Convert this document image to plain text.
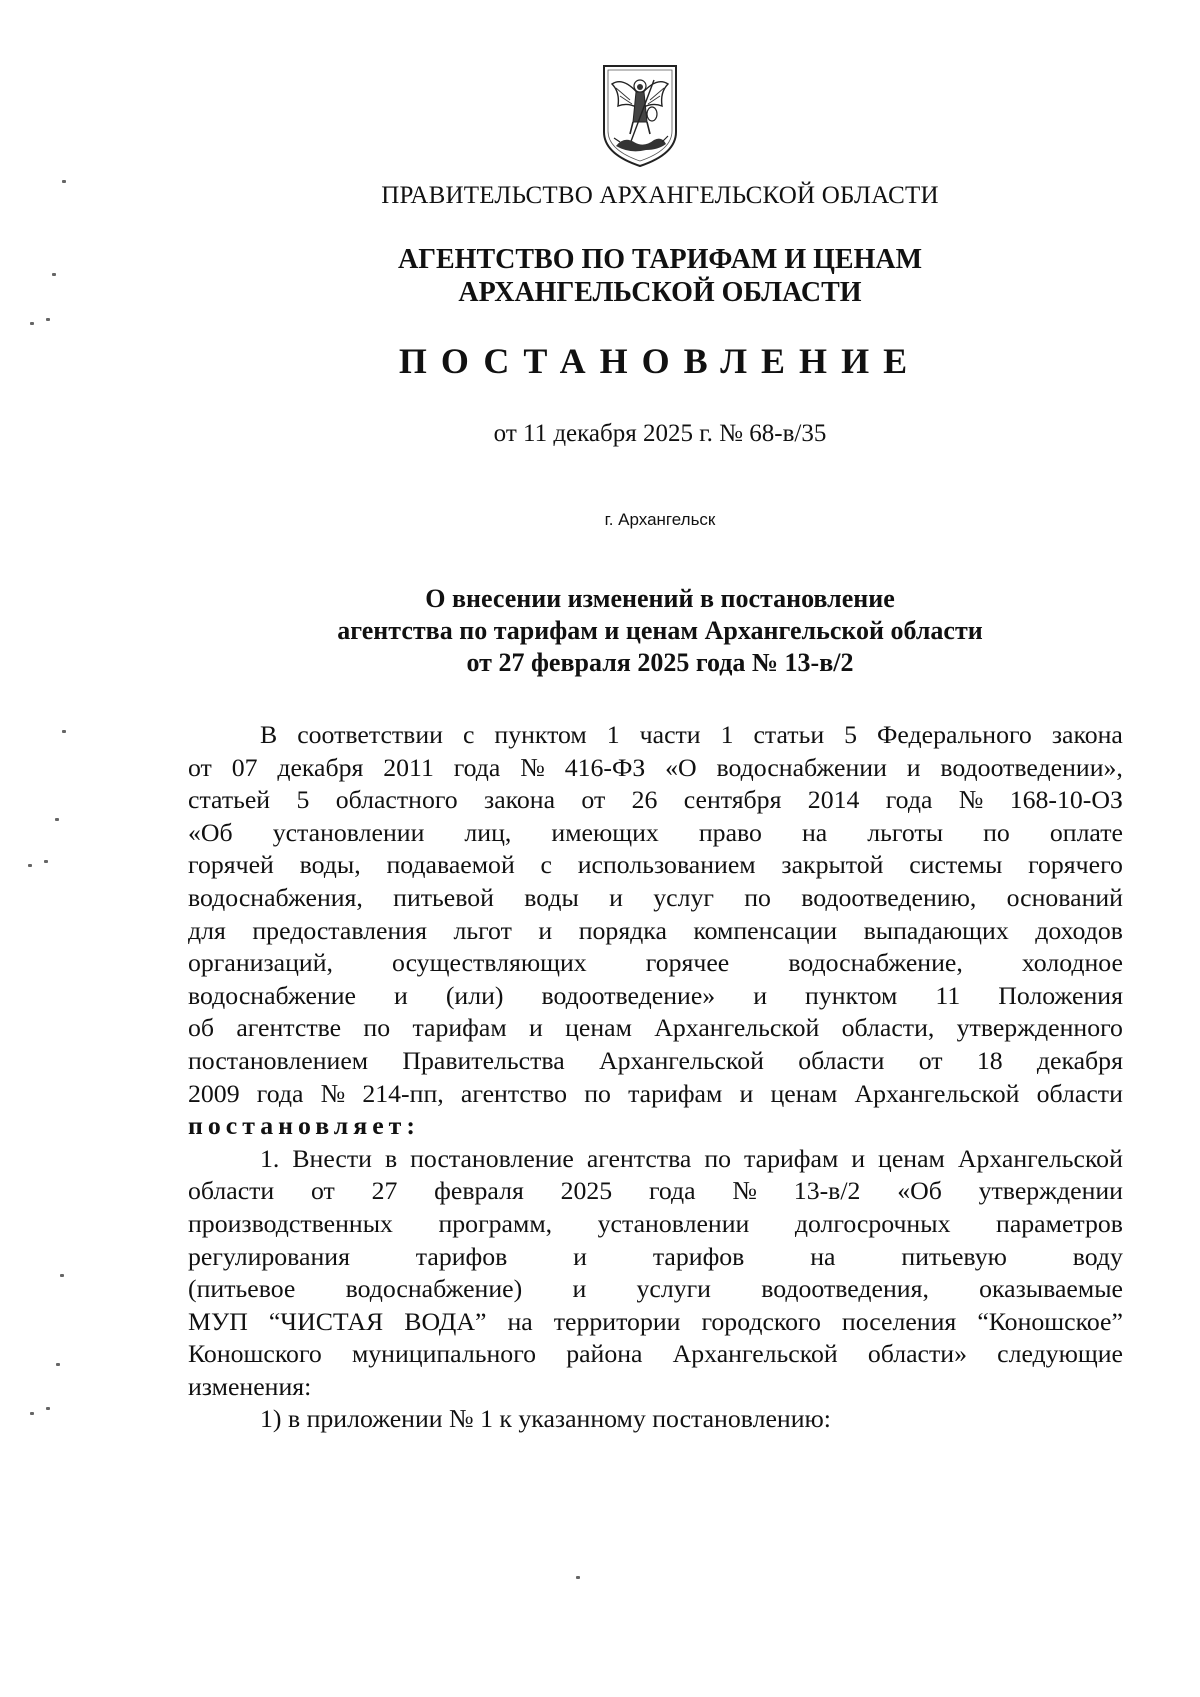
ПРАВИТЕЛЬСТВО АРХАНГЕЛЬСКОЙ ОБЛАСТИ
АГЕНТСТВО ПО ТАРИФАМ И ЦЕНАМ
АРХАНГЕЛЬСКОЙ ОБЛАСТИ
ПОСТАНОВЛЕНИЕ
от 11 декабря 2025 г. № 68-в/35
г. Архангельск
О внесении изменений в постановление
агентства по тарифам и ценам Архангельской области
от 27 февраля 2025 года № 13-в/2
В соответствии с пунктом 1 части 1 статьи 5 Федерального закона
от 07 декабря 2011 года № 416-ФЗ «О водоснабжении и водоотведении»,
статьей 5 областного закона от 26 сентября 2014 года № 168-10-ОЗ
«Об установлении лиц, имеющих право на льготы по оплате
горячей воды, подаваемой с использованием закрытой системы горячего
водоснабжения, питьевой воды и услуг по водоотведению, оснований
для предоставления льгот и порядка компенсации выпадающих доходов
организаций, осуществляющих горячее водоснабжение, холодное
водоснабжение и (или) водоотведение» и пунктом 11 Положения
об агентстве по тарифам и ценам Архангельской области, утвержденного
постановлением Правительства Архангельской области от 18 декабря
2009 года № 214-пп, агентство по тарифам и ценам Архангельской области
постановляет:
1. Внести в постановление агентства по тарифам и ценам Архангельской
области от 27 февраля 2025 года № 13-в/2 «Об утверждении
производственных программ, установлении долгосрочных параметров
регулирования	тарифов	и	тарифов	на	питьевую	воду
(питьевое водоснабжение) и услуги водоотведения, оказываемые
МУП “ЧИСТАЯ ВОДА” на территории городского поселения “Коношское”
Коношского муниципального района Архангельской области» следующие
изменения:
1) в приложении № 1 к указанному постановлению:
